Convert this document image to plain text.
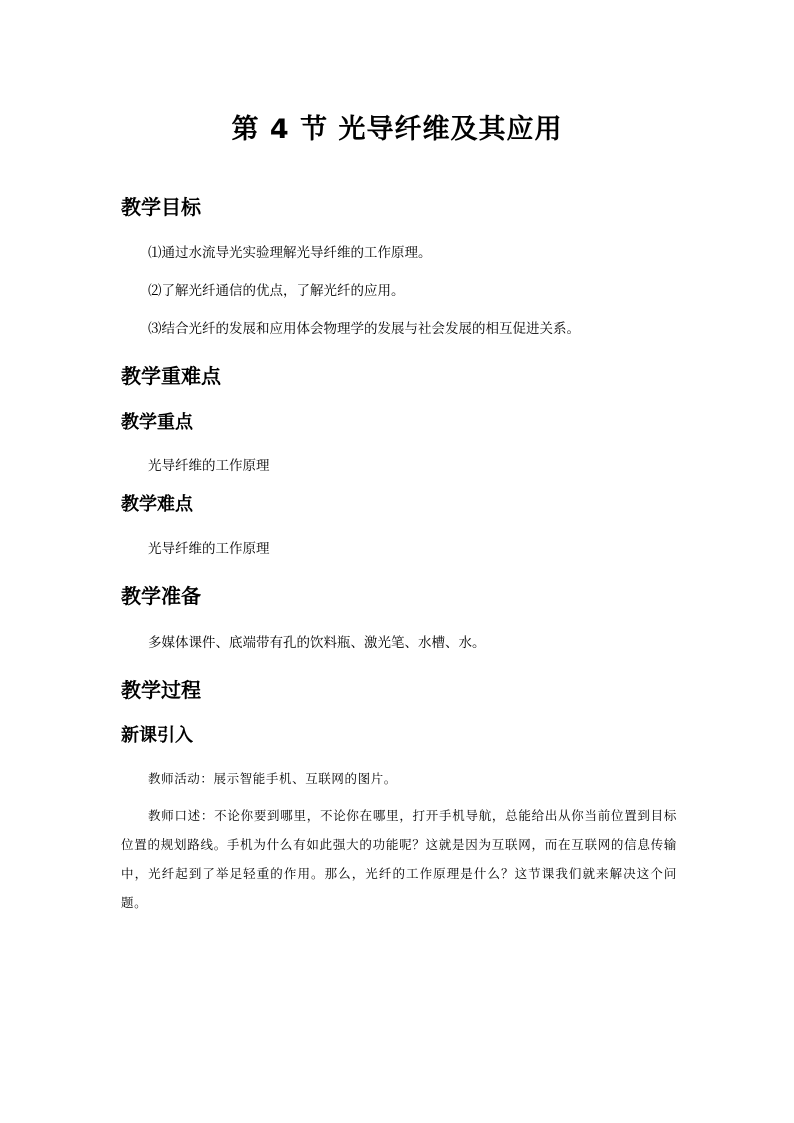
第 4 节 光导纤维及其应用
教学目标

⑴通过水流导光实验理解光导纤维的工作原理。

⑵了解光纤通信的优点，了解光纤的应用。

⑶结合光纤的发展和应用体会物理学的发展与社会发展的相互促进关系。

教学重难点
教学重点

光导纤维的工作原理

教学难点

光导纤维的工作原理

教学准备

多媒体课件、底端带有孔的饮料瓶、激光笔、水槽、水。

教学过程
新课引入

教师活动：展示智能手机、互联网的图片。

教师口述：不论你要到哪里，不论你在哪里，打开手机导航，总能给出从你当前位置到目标位置的规划路线。手机为什么有如此强大的功能呢？这就是因为互联网，而在互联网的信息传输中，光纤起到了举足轻重的作用。那么，光纤的工作原理是什么？这节课我们就来解决这个问题。
